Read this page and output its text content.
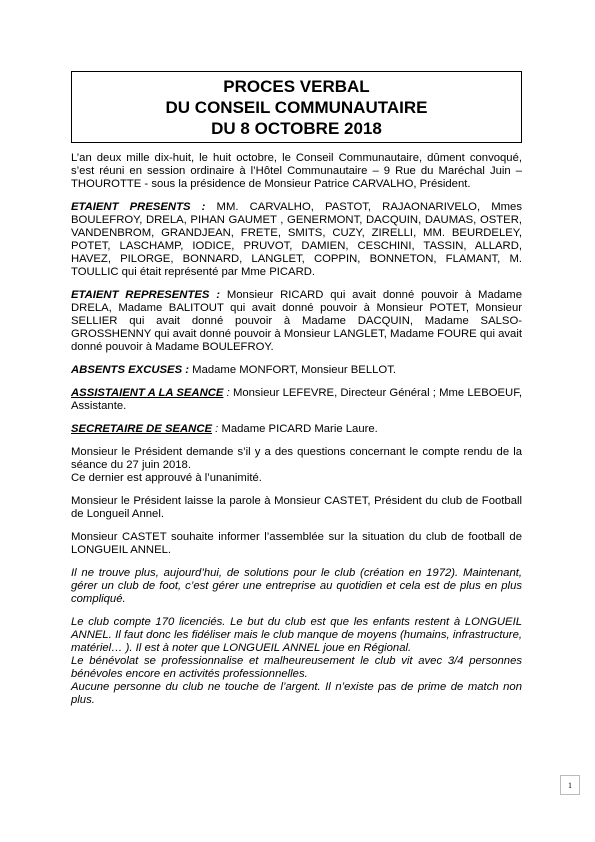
PROCES VERBAL
DU CONSEIL COMMUNAUTAIRE
DU 8 OCTOBRE 2018

L’an deux mille dix-huit, le huit octobre, le Conseil Communautaire, dûment convoqué, s’est réuni en session ordinaire à l’Hôtel Communautaire – 9 Rue du Maréchal Juin – THOUROTTE - sous la présidence de Monsieur Patrice CARVALHO, Président.

ETAIENT PRESENTS : MM. CARVALHO, PASTOT, RAJAONARIVELO, Mmes BOULEFROY, DRELA, PIHAN GAUMET , GENERMONT, DACQUIN, DAUMAS, OSTER, VANDENBROM, GRANDJEAN, FRETE, SMITS, CUZY, ZIRELLI, MM. BEURDELEY, POTET, LASCHAMP, IODICE, PRUVOT, DAMIEN, CESCHINI, TASSIN, ALLARD, HAVEZ, PILORGE, BONNARD, LANGLET, COPPIN, BONNETON, FLAMANT, M. TOULLIC qui était représenté par Mme PICARD.

ETAIENT REPRESENTES : Monsieur RICARD qui avait donné pouvoir à Madame DRELA, Madame BALITOUT qui avait donné pouvoir à Monsieur POTET, Monsieur SELLIER qui avait donné pouvoir à Madame DACQUIN, Madame SALSO-GROSSHENNY qui avait donné pouvoir à Monsieur LANGLET, Madame FOURE qui avait donné pouvoir à Madame BOULEFROY.

ABSENTS EXCUSES : Madame MONFORT, Monsieur BELLOT.

ASSISTAIENT A LA SEANCE : Monsieur LEFEVRE, Directeur Général ; Mme LEBOEUF, Assistante.

SECRETAIRE DE SEANCE : Madame PICARD Marie Laure.

Monsieur le Président demande s’il y a des questions concernant le compte rendu de la séance du 27 juin 2018.

Ce dernier est approuvé à l’unanimité.

Monsieur le Président laisse la parole à Monsieur CASTET, Président du club de Football de Longueil Annel.

Monsieur CASTET souhaite informer l’assemblée sur la situation du club de football de LONGUEIL ANNEL.

Il ne trouve plus, aujourd’hui, de solutions pour le club (création en 1972). Maintenant, gérer un club de foot, c’est gérer une entreprise au quotidien et cela est de plus en plus compliqué.

Le club compte 170 licenciés. Le but du club est que les enfants restent à LONGUEIL ANNEL. Il faut donc les fidéliser mais le club manque de moyens (humains, infrastructure, matériel… ). Il est à noter que LONGUEIL ANNEL joue en Régional.

Le bénévolat se professionnalise et malheureusement le club vit avec 3/4 personnes bénévoles encore en activités professionnelles.

Aucune personne du club ne touche de l’argent. Il n’existe pas de prime de match non plus.

1
